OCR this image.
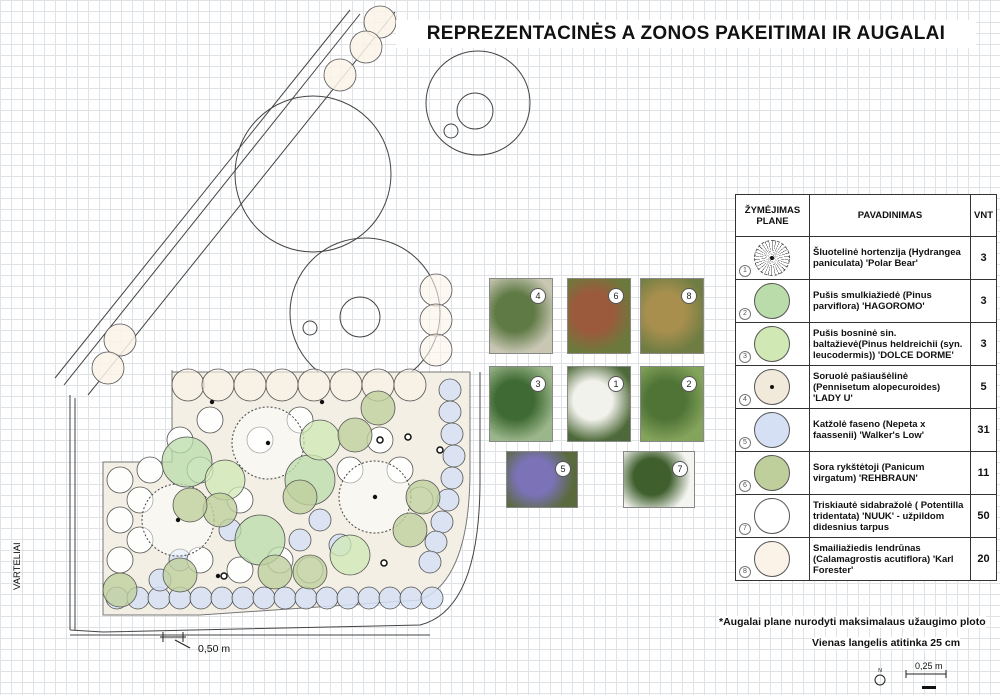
N
REPREZENTACINĖS A ZONOS PAKEITIMAI IR AUGALAI
VARTELIAI
0,50 m
0,25 m
4	6	8
3	1	2
5	7
ŽYMĖJIMAS PLANE	PAVADINIMAS	VNT

1	Šluotelinė hortenzija (Hydrangea paniculata) 'Polar Bear'	3

2	Pušis smulkiažiedė (Pinus parviflora) 'HAGOROMO'	3

3	Pušis bosninė sin. baltažievė(Pinus heldreichii (syn. leucodermis)) 'DOLCE DORME'	3

4	Soruolė pašiaušėlinė (Pennisetum alopecuroides) 'LADY U'	5

5	Katžolė faseno (Nepeta x faassenii) 'Walker's Low'	31

6	Sora rykštėtoji (Panicum virgatum) 'REHBRAUN'	11

7	Triskiautė sidabražolė ( Potentilla tridentata) 'NUUK' - užpildom didesnius tarpus	50

8	Smailiažiedis lendrūnas (Calamagrostis acutiflora) 'Karl Forester'	20
*Augalai plane nurodyti maksimalaus užaugimo ploto
Vienas langelis atitinka 25 cm
